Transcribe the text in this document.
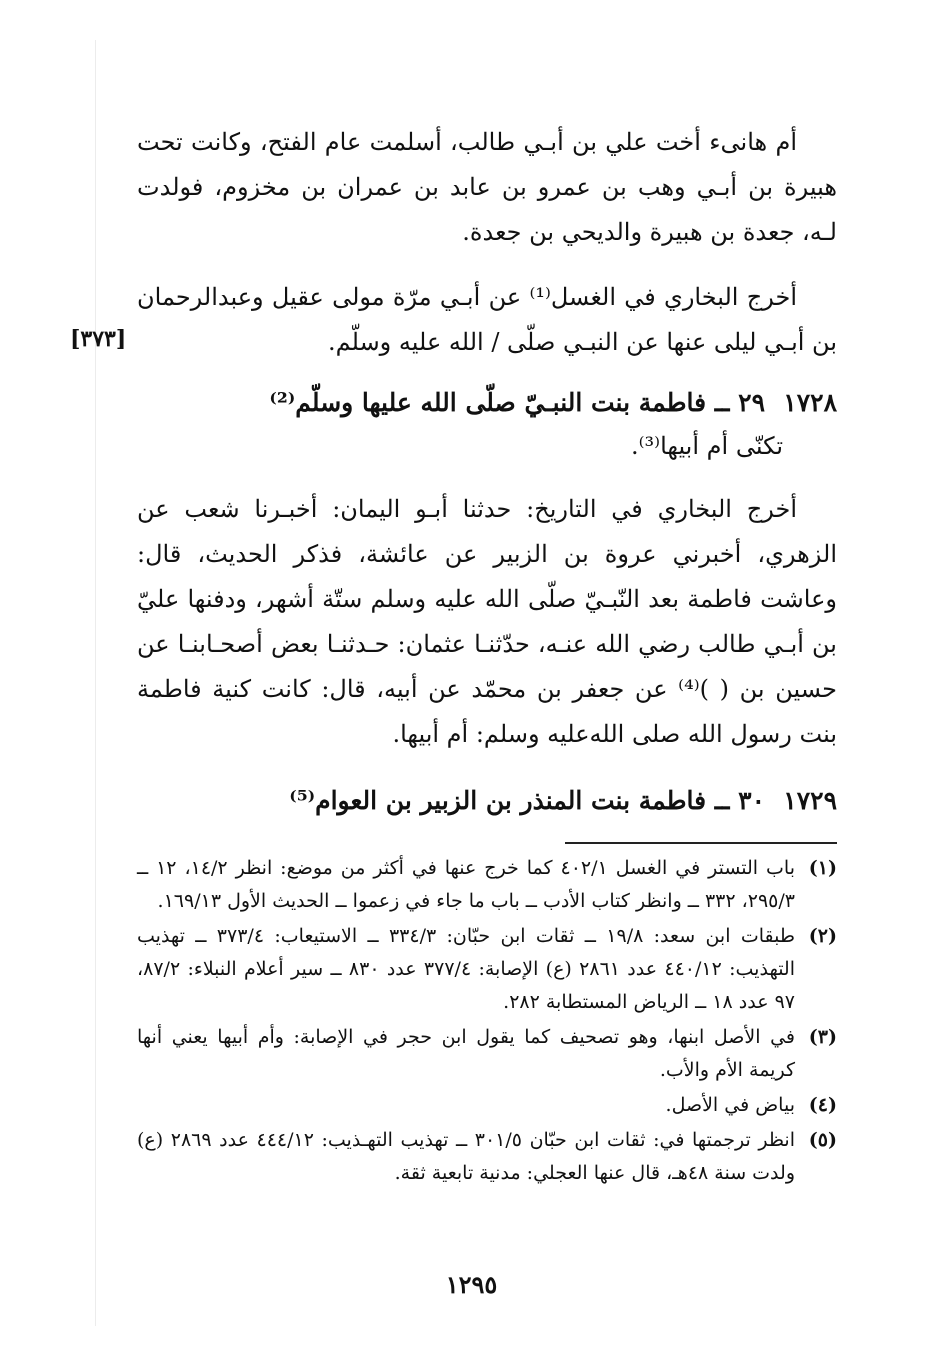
أم هانىء أخت علي بن أبـي طالب، أسلمت عام الفتح، وكانت تحت هبيرة بن أبـي وهب بن عمرو بن عابد بن عمران بن مخزوم، فولدت لـه، جعدة بن هبيرة والديحي بن جعدة.

أخرج البخاري في الغسل⁽¹⁾ عن أبـي مرّة مولى عقيل وعبدالرحمان بن أبـي ليلى عنها عن النبـي صلّى / الله عليه وسلّم.

[٣٧٣]
١٧٢٨
٢٩ ــ فاطمة بنت النبـيّ صلّى الله عليها وسلّم⁽²⁾
تكنّى أم أبيها⁽³⁾.

أخرج البخاري في التاريخ: حدثنا أبـو اليمان: أخبـرنا شعب عن الزهري، أخبرني عروة بن الزبير عن عائشة، فذكر الحديث، قال: وعاشت فاطمة بعد النّبـيّ صلّى الله عليه وسلم ستّة أشهر، ودفنها عليّ بن أبـي طالب رضي الله عنـه، حدّثنـا عثمان: حـدثنـا بعض أصحـابنـا عن حسين بن ( )⁽⁴⁾ عن جعفر بن محمّد عن أبيه، قال: كانت كنية فاطمة بنت رسول الله صلى الله‌عليه وسلم: أم أبيها.

١٧٢٩
٣٠ ــ فاطمة بنت المنذر بن الزبير بن العوام⁽⁵⁾
(١)
باب التستر في الغسل ٤٠٢/١ كما خرج عنها في أكثر من موضع: انظر ١٤/٢، ١٢ ــ ٢٩٥/٣، ٣٣٢ ــ وانظر كتاب الأدب ــ باب ما جاء في زعموا ــ الحديث الأول ١٦٩/١٣.
(٢)
طبقات ابن سعد: ١٩/٨ ــ ثقات ابن حبّان: ٣٣٤/٣ ــ الاستيعاب: ٣٧٣/٤ ــ تهذيب التهذيب: ٤٤٠/١٢ عدد ٢٨٦١ (ع) الإصابة: ٣٧٧/٤ عدد ٨٣٠ ــ سير أعلام النبلاء: ٨٧/٢، ٩٧ عدد ١٨ ــ الرياض المستطابة ٢٨٢.
(٣)
في الأصل ابنها، وهو تصحيف كما يقول ابن حجر في الإصابة: وأم أبيها يعني أنها كريمة الأم والأب.
(٤)
بياض في الأصل.
(٥)
انظر ترجمتها في: ثقات ابن حبّان ٣٠١/٥ ــ تهذيب التهـذيب: ٤٤٤/١٢ عدد ٢٨٦٩ (ع) ولدت سنة ٤٨هـ، قال عنها العجلي: مدنية تابعية ثقة.
١٢٩٥
